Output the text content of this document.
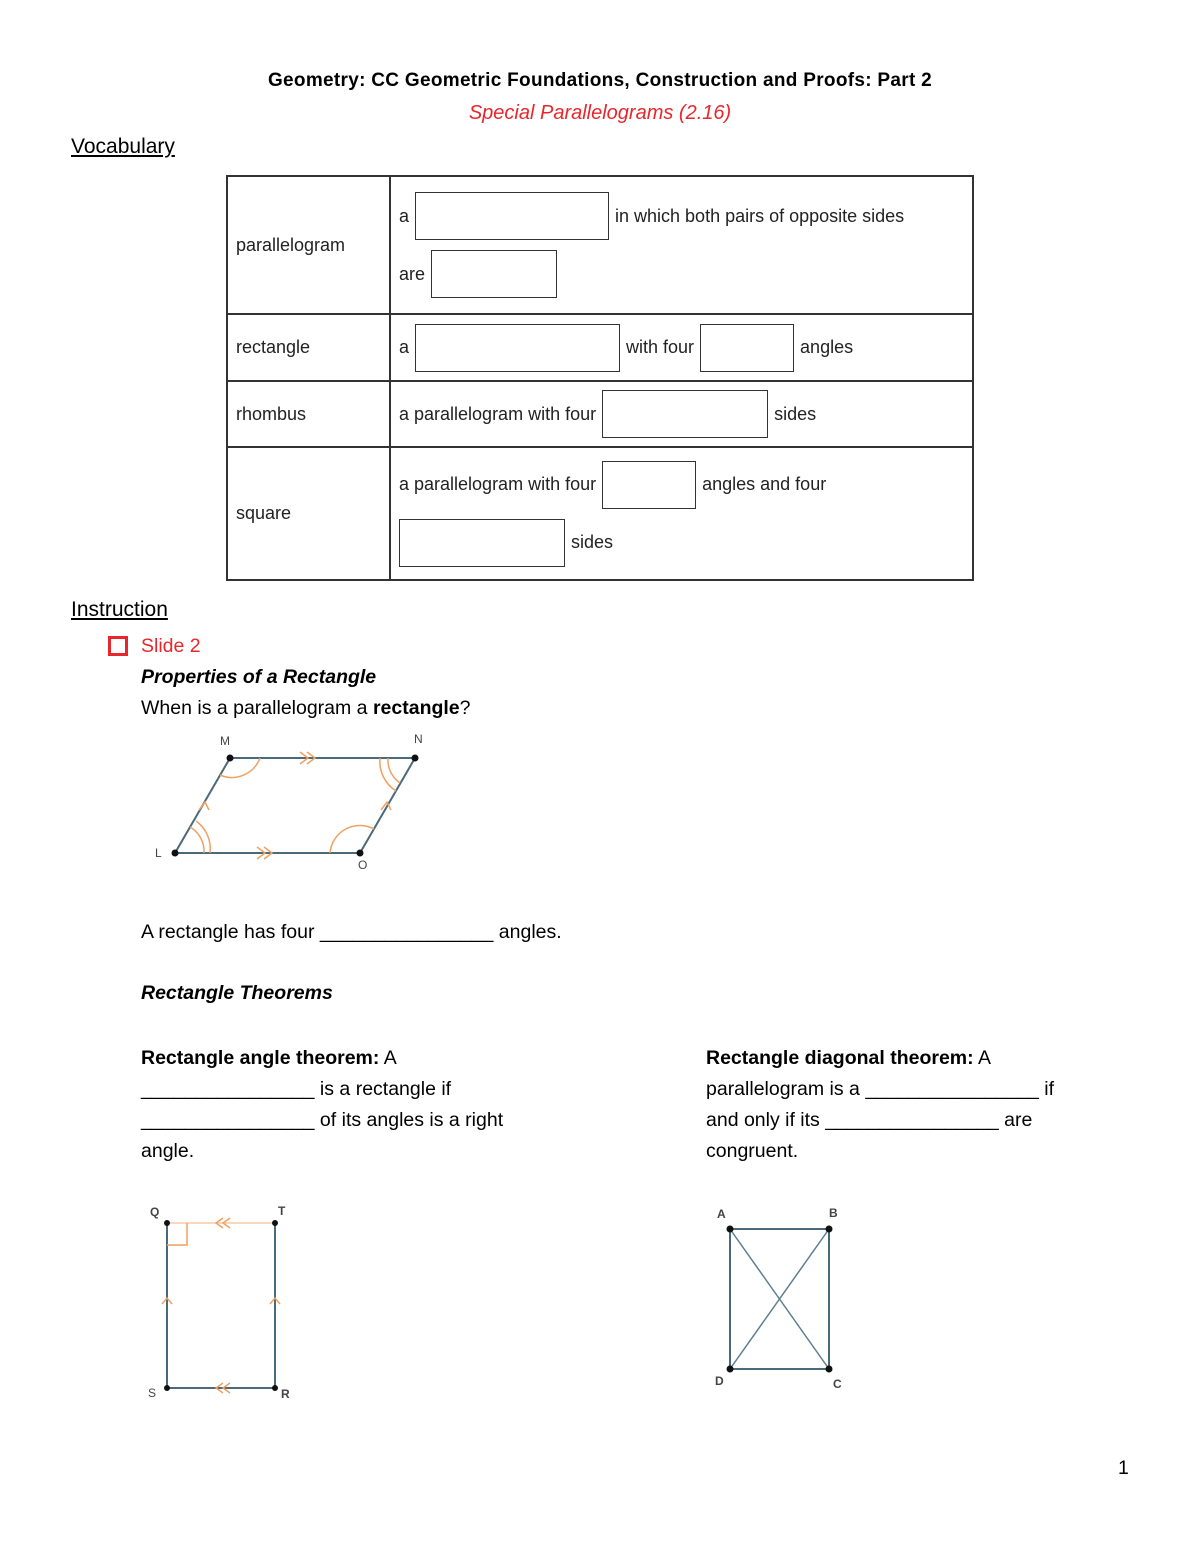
Geometry: CC Geometric Foundations, Construction and Proofs: Part 2
Special Parallelograms (2.16)
Vocabulary
parallelogram	a in which both pairs of opposite sides
are

rectangle	a with four angles

rhombus	a parallelogram with four sides

square	a parallelogram with four angles and four
sides
Instruction
Slide 2
Properties of a Rectangle
When is a parallelogram a rectangle?
M	N
L
O
A rectangle has four ________________ angles.
Rectangle Theorems
Rectangle angle theorem: A
________________ is a rectangle if
________________ of its angles is a right
angle.
Rectangle diagonal theorem: A
parallelogram is a ________________ if
and only if its ________________ are
congruent.
Q	T
S	R
A	B
D	C
1
